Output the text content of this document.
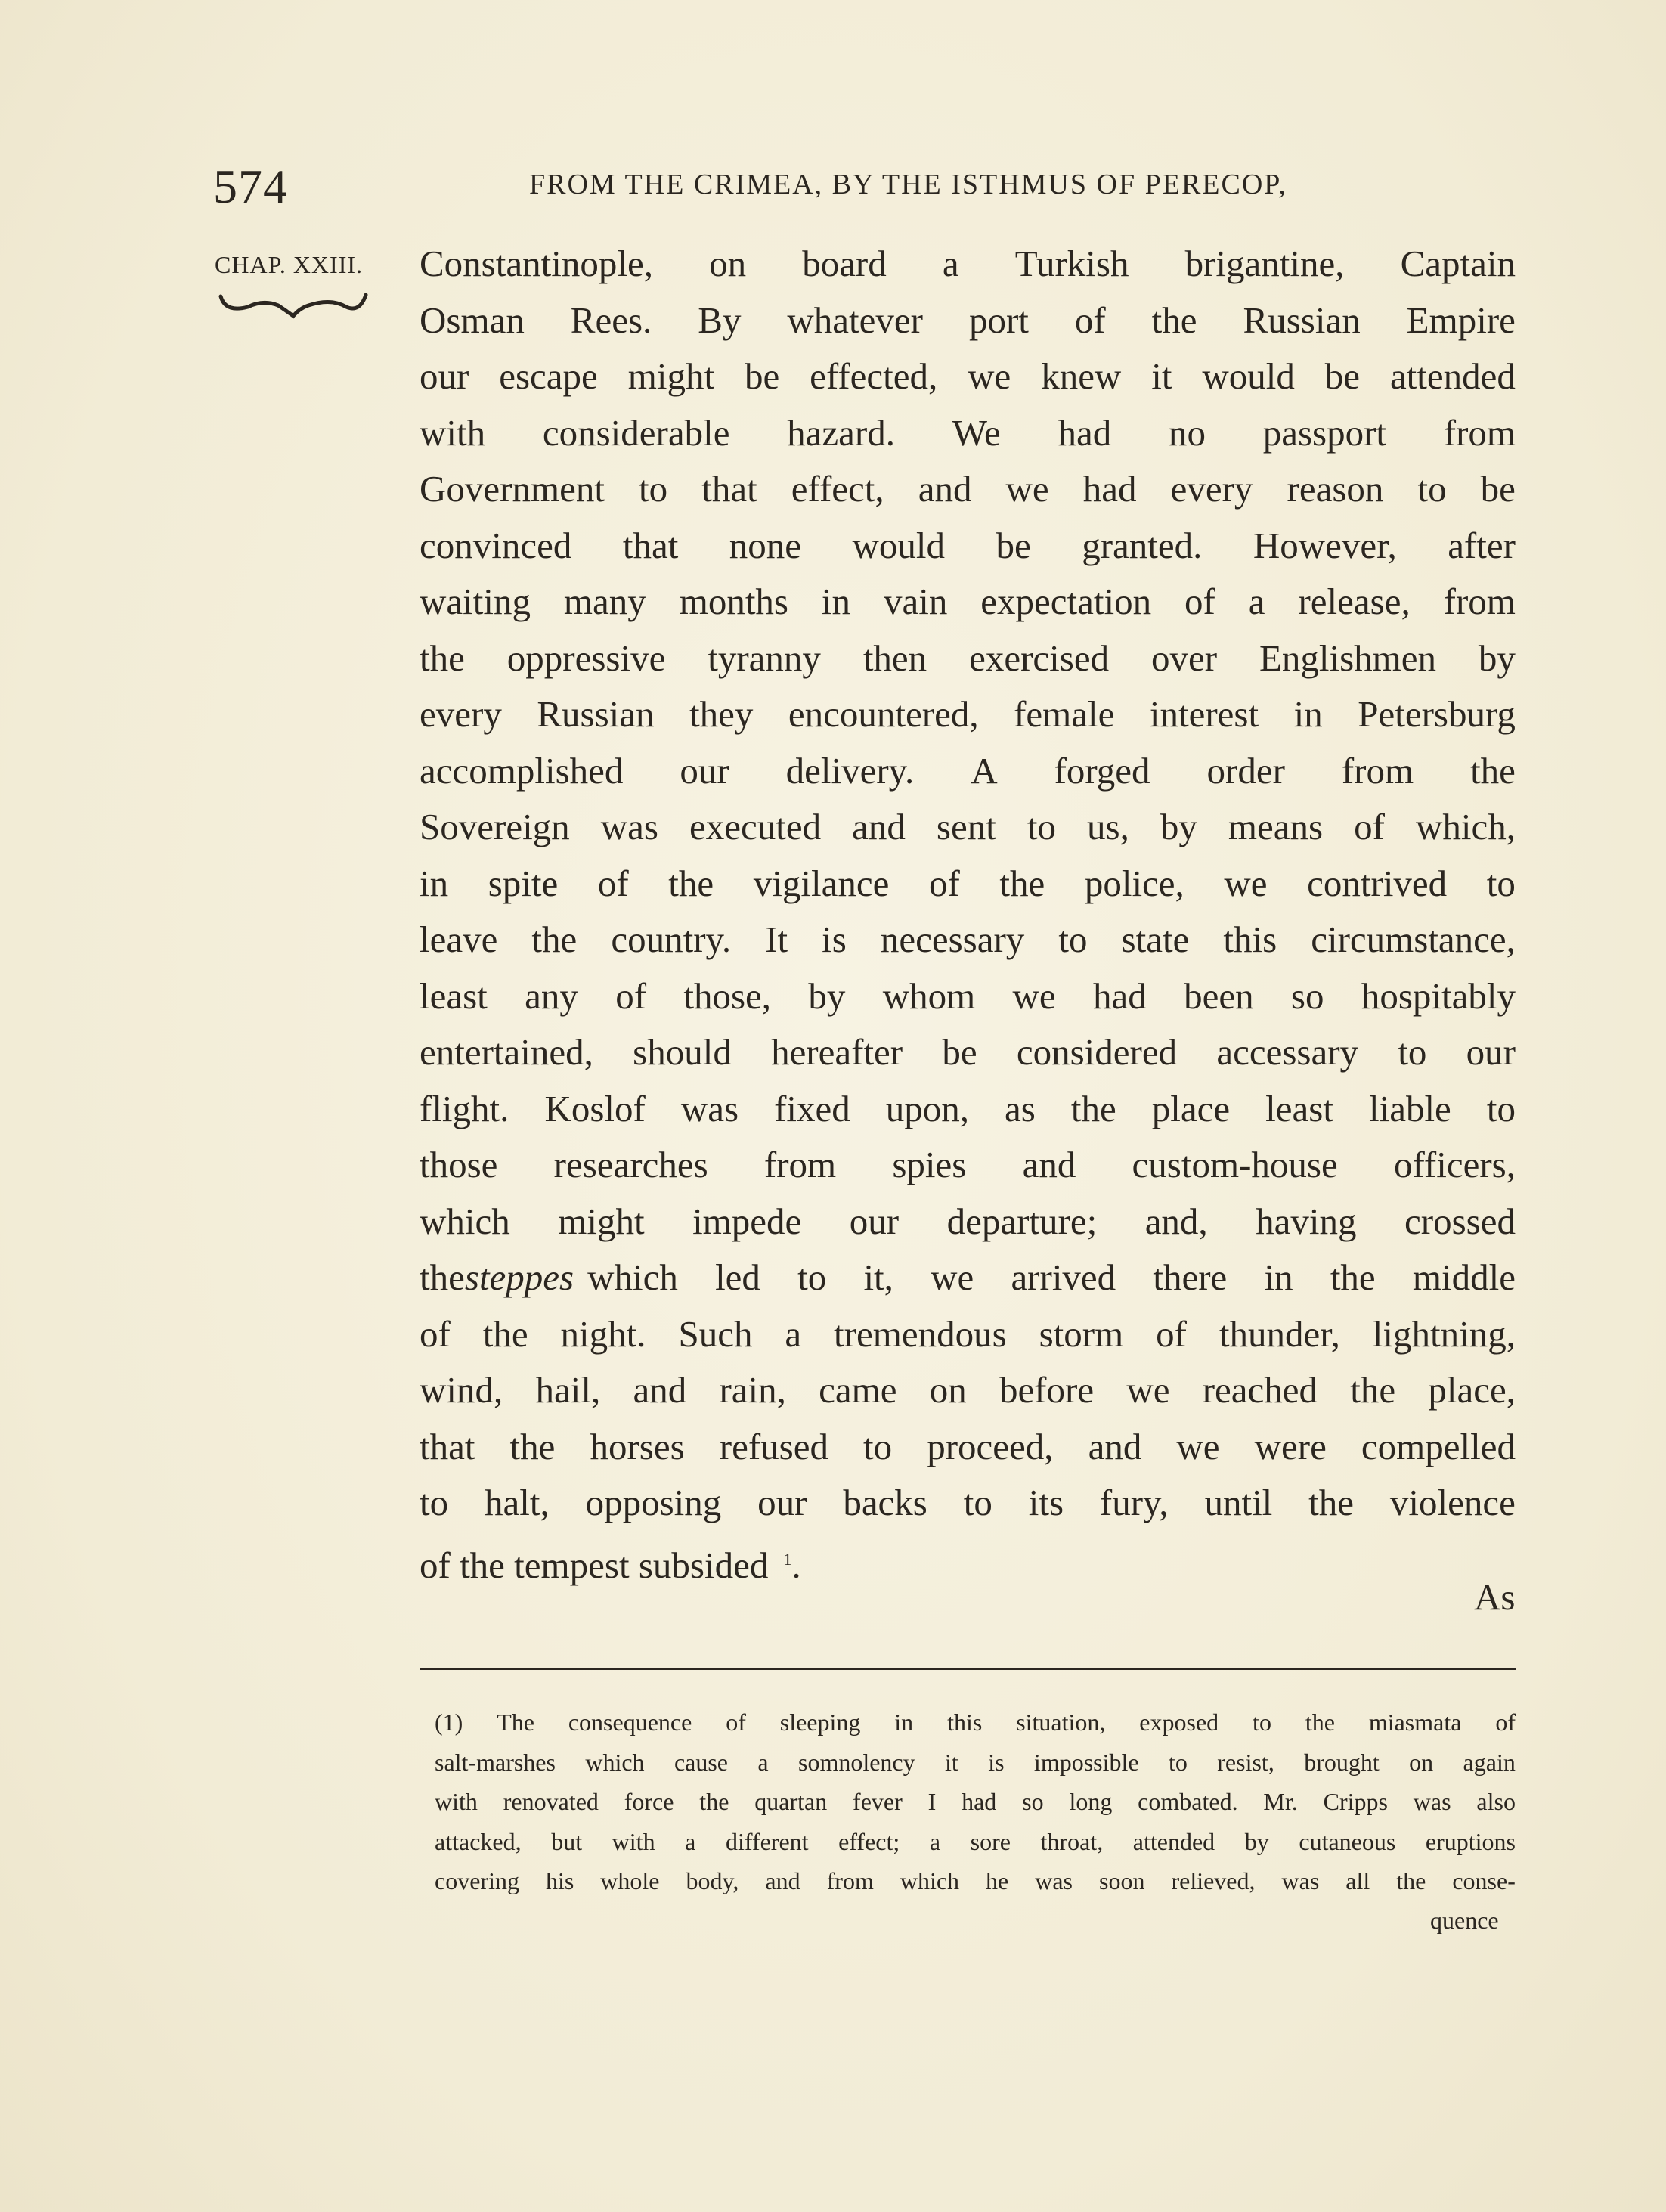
574	FROM THE CRIMEA, BY THE ISTHMUS OF PERECOP,
CHAP. XXIII. Constantinople, on board a Turkish brigantine, Captain
Osman Rees. By whatever port of the Russian Empire
our escape might be effected, we knew it would be attended
with considerable hazard. We had no passport from
Government to that effect, and we had every reason to be
convinced that none would be granted. However, after
waiting many months in vain expectation of a release, from
the oppressive tyranny then exercised over Englishmen by
every Russian they encountered, female interest in Petersburg
accomplished our delivery. A forged order from the
Sovereign was executed and sent to us, by means of which,
in spite of the vigilance of the police, we contrived to
leave the country. It is necessary to state this circumstance,
least any of those, by whom we had been so hospitably
entertained, should hereafter be considered accessary to our
flight. Koslof was fixed upon, as the place least liable to
those researches from spies and custom-house officers,
which might impede our departure; and, having crossed
the steppes which led to it, we arrived there in the middle
of the night. Such a tremendous storm of thunder, lightning,
wind, hail, and rain, came on before we reached the place,
that the horses refused to proceed, and we were compelled
to halt, opposing our backs to its fury, until the violence
of the tempest subsided $^1$.
As
(1) The consequence of sleeping in this situation, exposed to the miasmata of
salt-marshes which cause a somnolency it is impossible to resist, brought on again
with renovated force the quartan fever I had so long combated. Mr. Cripps was also
attacked, but with a different effect; a sore throat, attended by cutaneous eruptions
covering his whole body, and from which he was soon relieved, was all the conse-
quence
